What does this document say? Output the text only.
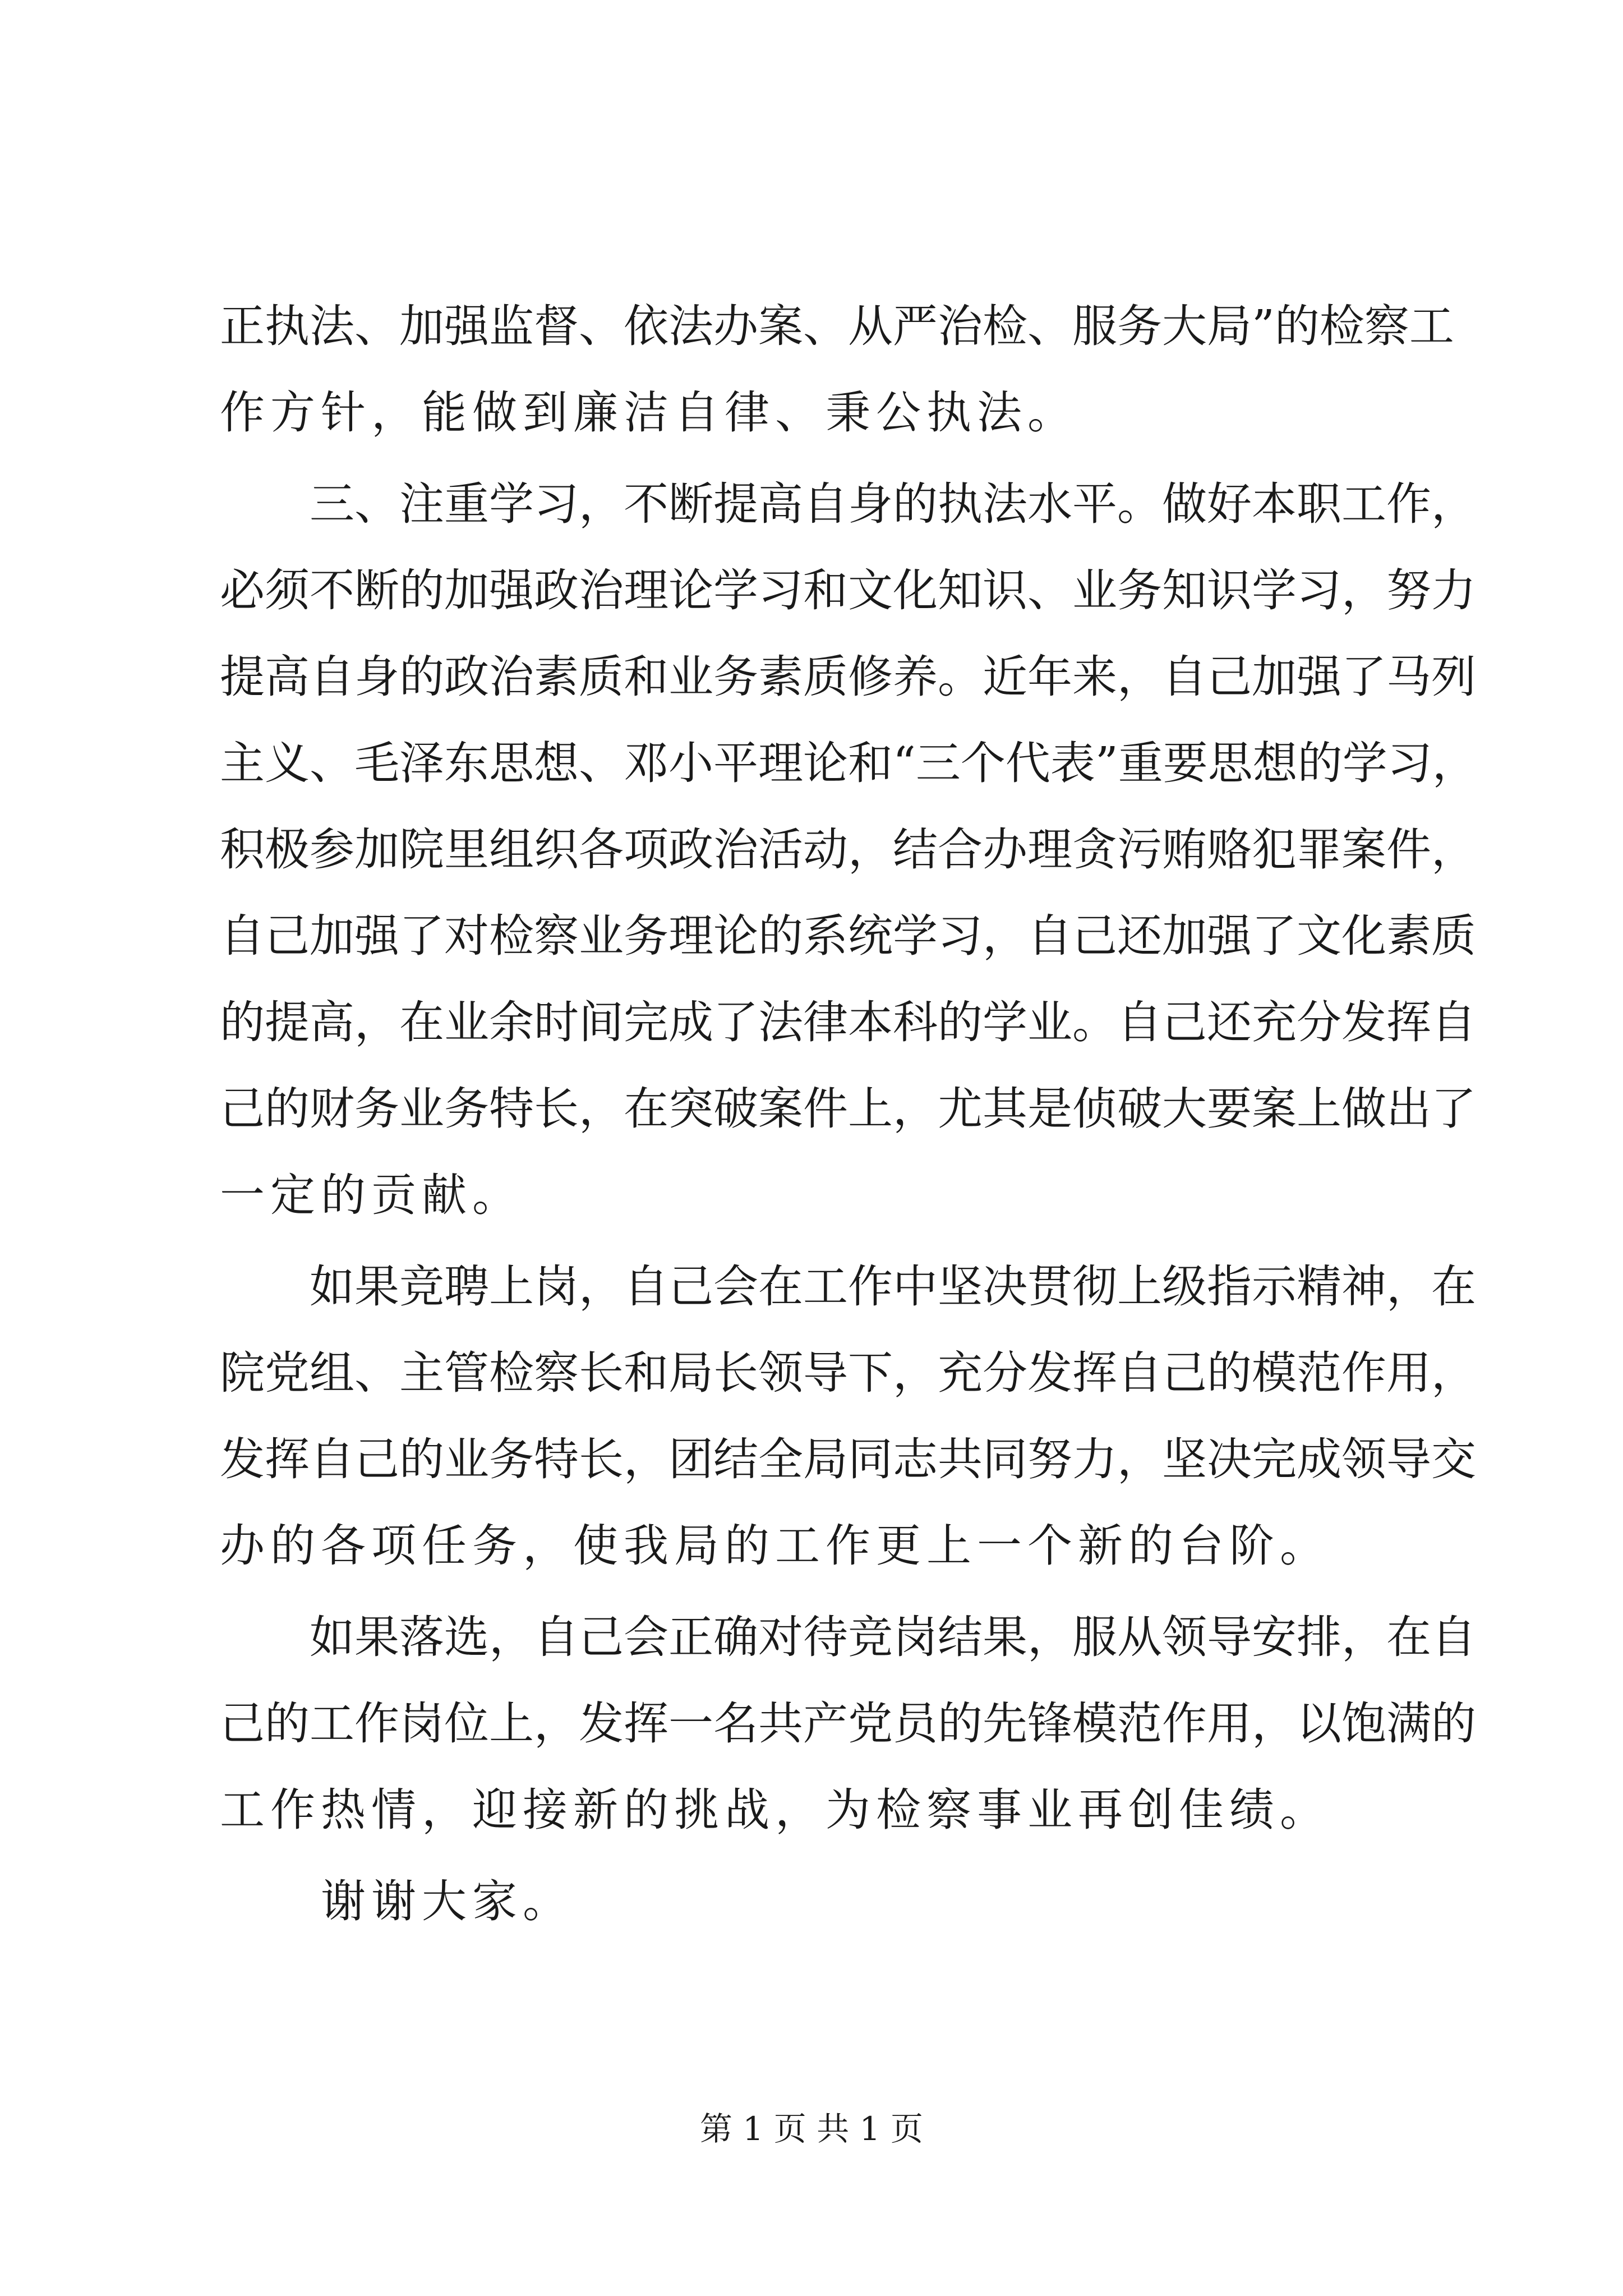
正执法、加强监督、依法办案、从严治检、服务大局”的检察工
作方针，能做到廉洁自律、秉公执法。
　　三、注重学习，不断提高自身的执法水平。做好本职工作，
必须不断的加强政治理论学习和文化知识、业务知识学习，努力
提高自身的政治素质和业务素质修养。近年来，自己加强了马列
主义、毛泽东思想、邓小平理论和“三个代表”重要思想的学习，
积极参加院里组织各项政治活动，结合办理贪污贿赂犯罪案件，
自己加强了对检察业务理论的系统学习，自己还加强了文化素质
的提高，在业余时间完成了法律本科的学业。自己还充分发挥自
己的财务业务特长，在突破案件上，尤其是侦破大要案上做出了
一定的贡献。
　　如果竞聘上岗，自己会在工作中坚决贯彻上级指示精神，在
院党组、主管检察长和局长领导下，充分发挥自己的模范作用，
发挥自己的业务特长，团结全局同志共同努力，坚决完成领导交
办的各项任务，使我局的工作更上一个新的台阶。
　　如果落选，自己会正确对待竞岗结果，服从领导安排，在自
己的工作岗位上，发挥一名共产党员的先锋模范作用，以饱满的
工作热情，迎接新的挑战，为检察事业再创佳绩。
　　谢谢大家。
第 1 页 共 1 页
